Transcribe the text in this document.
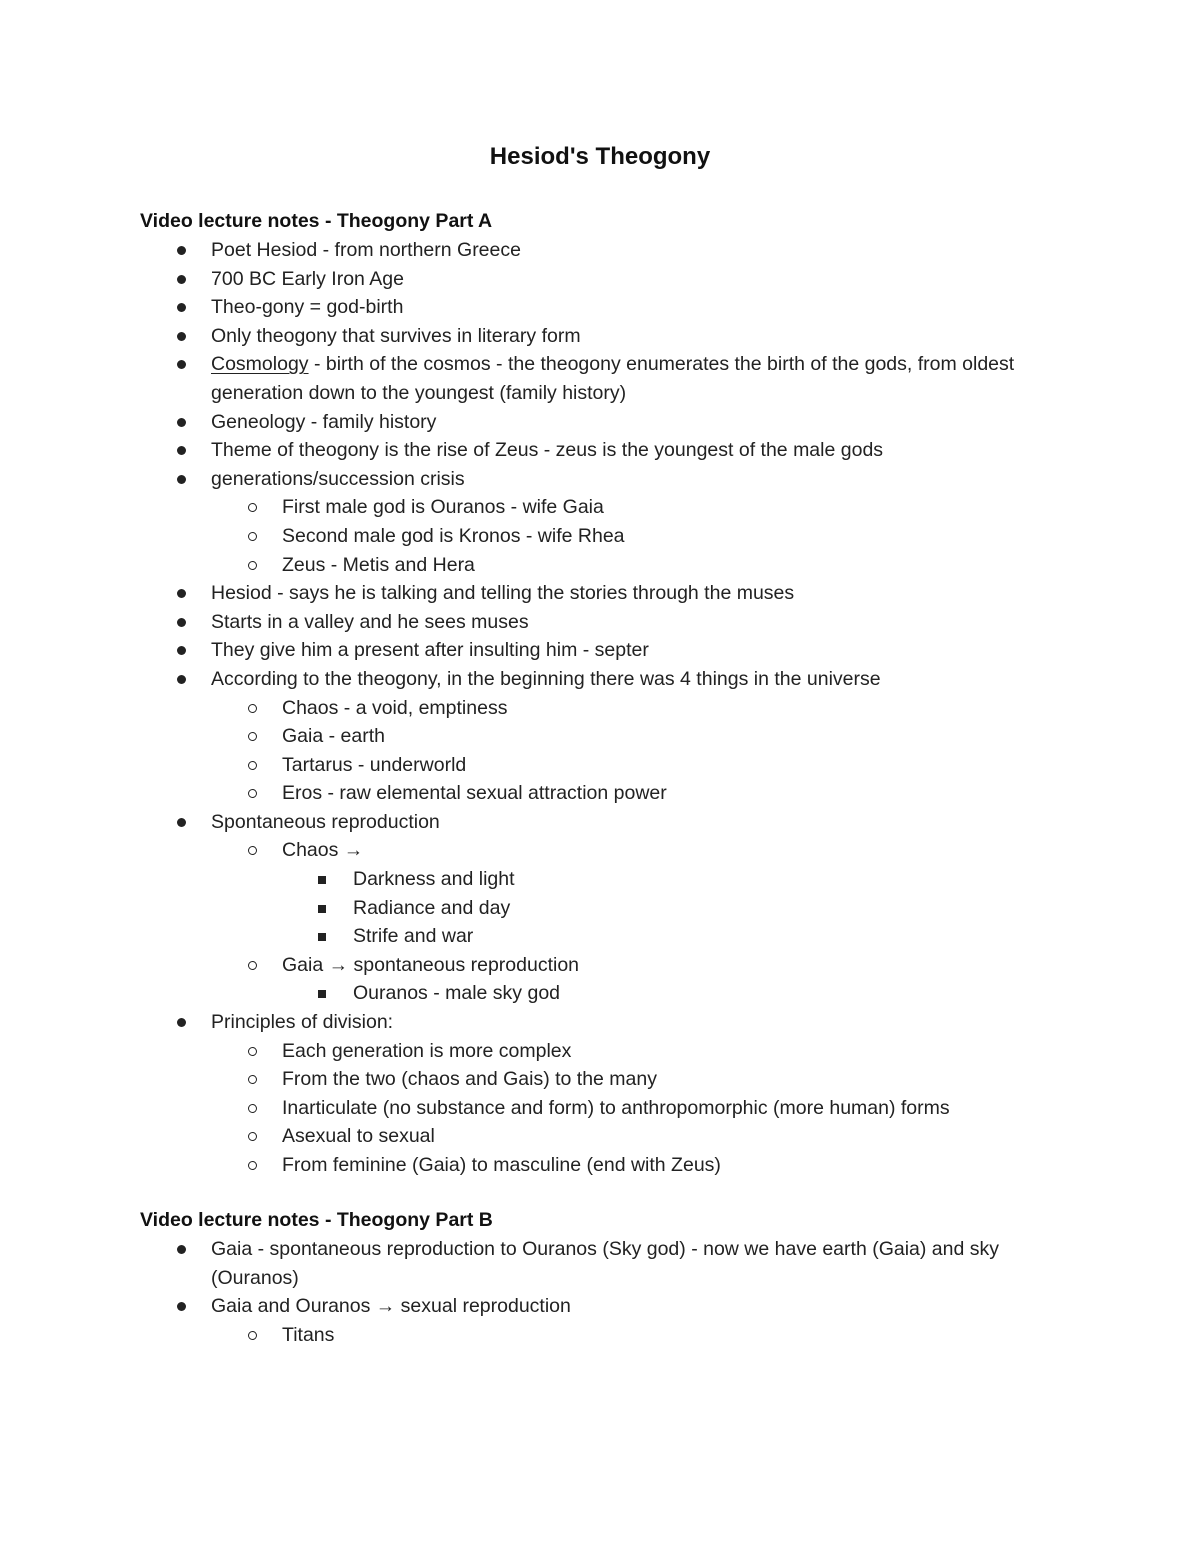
Hesiod's Theogony
Video lecture notes - Theogony Part A
Poet Hesiod - from northern Greece
700 BC Early Iron Age
Theo-gony = god-birth
Only theogony that survives in literary form
Cosmology - birth of the cosmos - the theogony enumerates the birth of the gods, from oldest generation down to the youngest (family history)
Geneology - family history
Theme of theogony is the rise of Zeus - zeus is the youngest of the male gods
generations/succession crisis
First male god is Ouranos - wife Gaia
Second male god is Kronos - wife Rhea
Zeus - Metis and Hera
Hesiod - says he is talking and telling the stories through the muses
Starts in a valley and he sees muses
They give him a present after insulting him - septer
According to the theogony, in the beginning there was 4 things in the universe
Chaos - a void, emptiness
Gaia - earth
Tartarus - underworld
Eros - raw elemental sexual attraction power
Spontaneous reproduction
Chaos →
Darkness and light
Radiance and day
Strife and war
Gaia → spontaneous reproduction
Ouranos - male sky god
Principles of division:
Each generation is more complex
From the two (chaos and Gais) to the many
Inarticulate (no substance and form) to anthropomorphic (more human) forms
Asexual to sexual
From feminine (Gaia) to masculine (end with Zeus)
Video lecture notes - Theogony Part B
Gaia - spontaneous reproduction to Ouranos (Sky god) - now we have earth (Gaia) and sky (Ouranos)
Gaia and Ouranos → sexual reproduction
Titans
